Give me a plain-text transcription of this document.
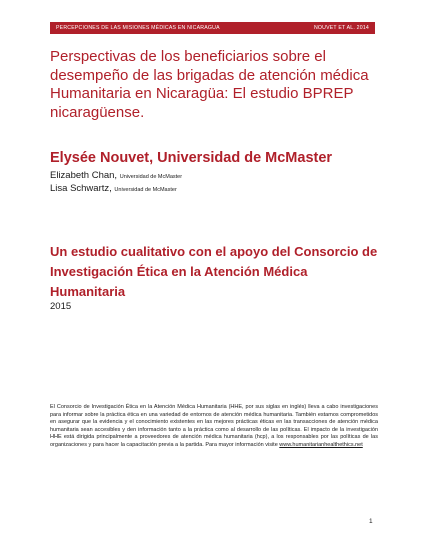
PERCEPCIONES DE LAS MISIONES MÉDICAS EN NICARAGUA	NOUVET ET AL. 2014
Perspectivas de los beneficiarios sobre el desempeño de las brigadas de atención médica Humanitaria en Nicaragüa: El estudio BPREP nicaragüense.
Elysée Nouvet, Universidad de McMaster
Elizabeth Chan, Universidad de McMaster
Lisa Schwartz, Universidad de McMaster
Un estudio cualitativo con el apoyo del Consorcio de Investigación Ética en la Atención Médica Humanitaria
2015

El Consorcio de Investigación Ética en la Atención Médica Humanitaria (HHE, por sus siglas en inglés) lleva a cabo investigaciones para informar sobre la práctica ética en una variedad de entornos de atención médica humanitaria. También estamos comprometidos en asegurar que la evidencia y el conocimiento existentes en las mejores prácticas éticas en las transacciones de atención médica humanitaria sean accesibles y den información tanto a la práctica como al desarrollo de las políticas. El impacto de la investigación HHE está dirigida principalmente a proveedores de atención médica humanitaria (hcp), a los responsables por las políticas de las organizaciones y para hacer la capacitación previa a la partida. Para mayor información visite www.humanitarianhealthethics.net

1
